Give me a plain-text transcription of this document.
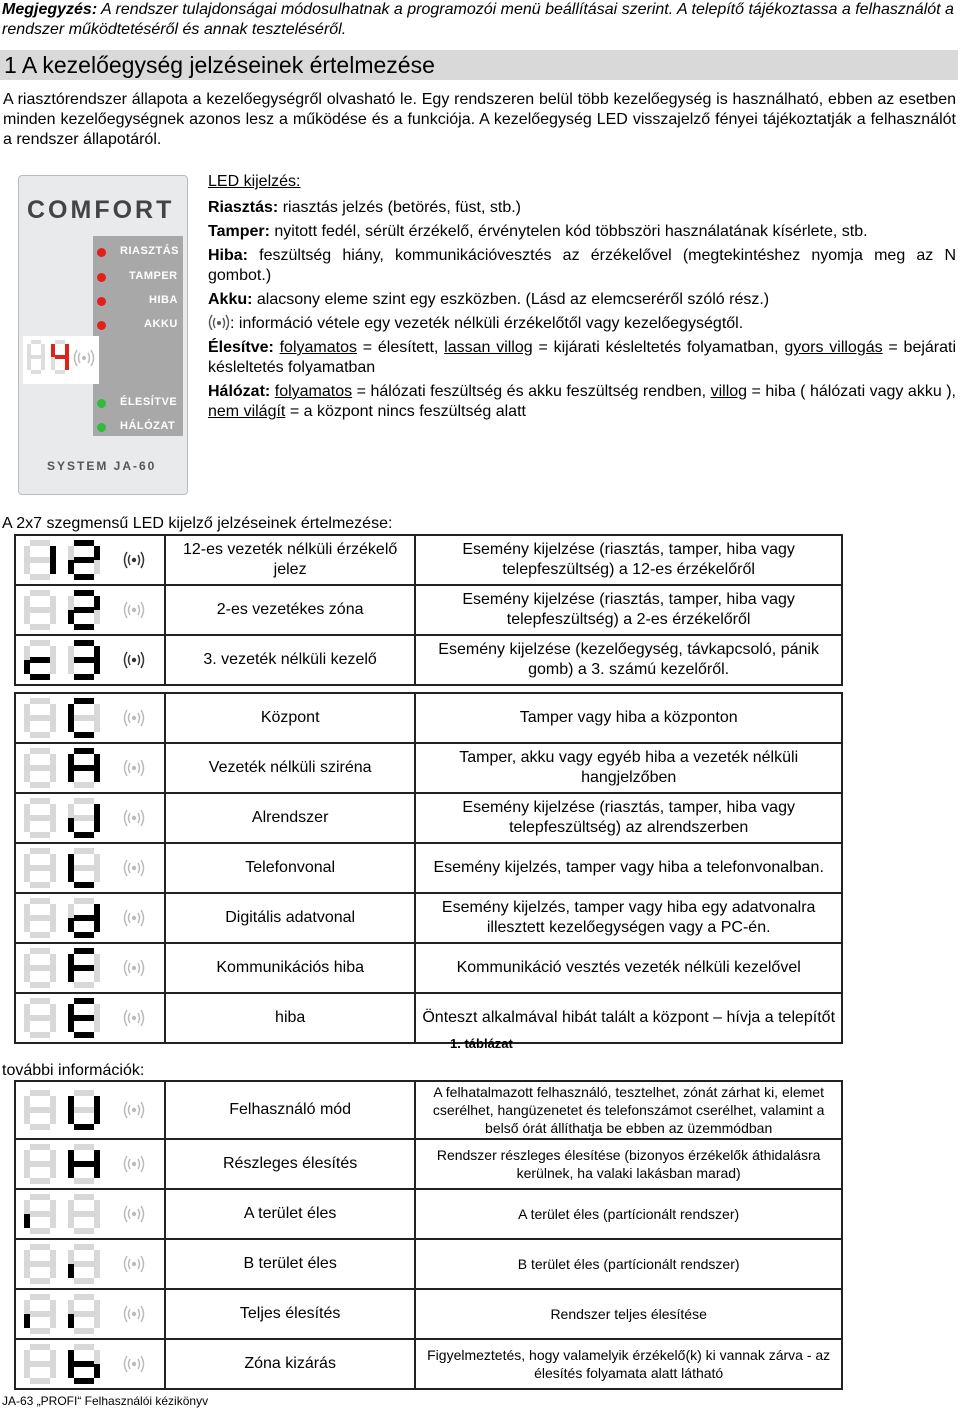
Megjegyzés: A rendszer tulajdonságai módosulhatnak a programozói menü beállításai szerint. A telepítő tájékoztassa a felhasználót a rendszer működtetéséről és annak teszteléséről.
1 A kezelőegység jelzéseinek értelmezése
A riasztórendszer állapota a kezelőegységről olvasható le. Egy rendszeren belül több kezelőegység is használható, ebben az esetben minden kezelőegységnek azonos lesz a működése és a funkciója. A kezelőegység LED visszajelző fényei tájékoztatják a felhasználót a rendszer állapotáról.
COMFORT
RIASZTÁS
TAMPER
HIBA
AKKU
ÉLESÍTVE
HÁLÓZAT
SYSTEM JA-60

LED kijelzés:

Riasztás: riasztás jelzés (betörés, füst, stb.)

Tamper: nyitott fedél, sérült érzékelő, érvénytelen kód többszöri használatának kísérlete, stb.

Hiba: feszültség hiány, kommunikációvesztés az érzékelővel (megtekintéshez nyomja meg az N gombot.)

Akku: alacsony eleme szint egy eszközben. (Lásd az elemcseréről szóló rész.)

: információ vétele egy vezeték nélküli érzékelőtől vagy kezelőegységtől.

Élesítve: folyamatos = élesített, lassan villog = kijárati késleltetés folyamatban, gyors villogás = bejárati késleltetés folyamatban

Hálózat: folyamatos = hálózati feszültség és akku feszültség rendben, villog = hiba ( hálózati vagy akku ), nem világít = a központ nincs feszültség alatt

A 2x7 szegmensű LED kijelző jelzéseinek értelmezése:
	12-es vezeték nélküli érzékelő jelez	Esemény kijelzése (riasztás, tamper, hiba vagy telepfeszültség) a 12-es érzékelőről

	2-es vezetékes zóna	Esemény kijelzése (riasztás, tamper, hiba vagy telepfeszültség) a 2-es érzékelőről

	3. vezeték nélküli kezelő	Esemény kijelzése (kezelőegység, távkapcsoló, pánik gomb) a 3. számú kezelőről.
	Központ	Tamper vagy hiba a központon

	Vezeték nélküli sziréna	Tamper, akku vagy egyéb hiba a vezeték nélküli hangjelzőben

	Alrendszer	Esemény kijelzése (riasztás, tamper, hiba vagy telepfeszültség) az alrendszerben

	Telefonvonal	Esemény kijelzés, tamper vagy hiba a telefonvonalban.

	Digitális adatvonal	Esemény kijelzés, tamper vagy hiba egy adatvonalra illesztett kezelőegységen vagy a PC-én.

	Kommunikációs hiba	Kommunikáció vesztés vezeték nélküli kezelővel

	hiba	Önteszt alkalmával hibát talált a központ – hívja a telepítőt
1. táblázat
további információk:
	Felhasználó mód	A felhatalmazott felhasználó, tesztelhet, zónát zárhat ki, elemet cserélhet, hangüzenetet és telefonszámot cserélhet, valamint a belső órát állíthatja be ebben az üzemmódban

	Részleges élesítés	Rendszer részleges élesítése (bizonyos érzékelők áthidalásra kerülnek, ha valaki lakásban marad)

	A terület éles	A terület éles (partícionált rendszer)

	B terület éles	B terület éles (partícionált rendszer)

	Teljes élesítés	Rendszer teljes élesítése

	Zóna kizárás	Figyelmeztetés, hogy valamelyik érzékelő(k) ki vannak zárva - az élesítés folyamata alatt látható
JA-63 „PROFI“ Felhasználói kézikönyv
